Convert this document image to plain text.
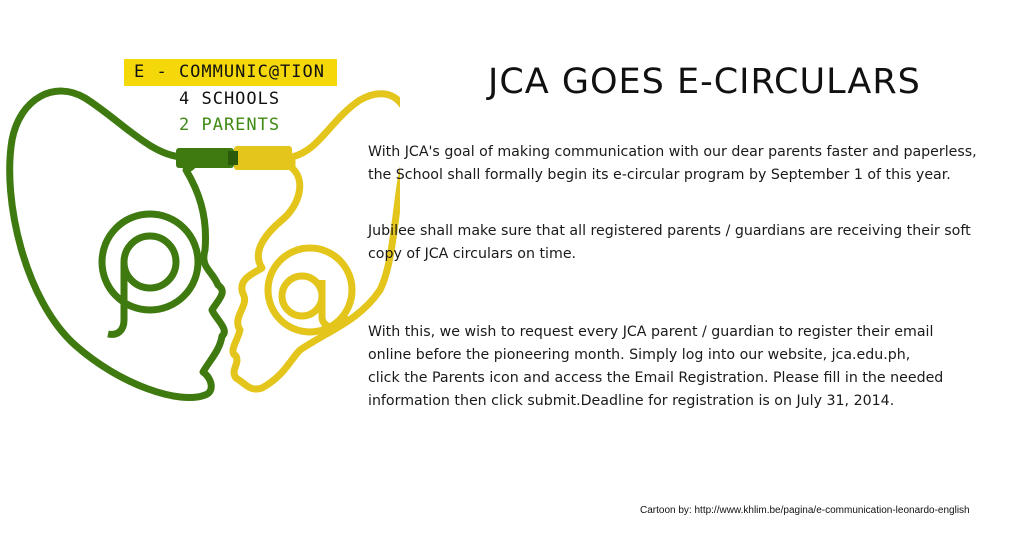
E - COMMUNIC@TION
4 SCHOOLS
2 PARENTS
JCA GOES E-CIRCULARS
With JCA's goal of making communication with our dear parents faster and paperless,
the School shall formally begin its e-circular program by September 1 of this year.
Jubilee shall make sure that all registered parents / guardians are receiving their soft
copy of JCA circulars on time.
With this, we wish to request every JCA parent / guardian to register their email
online before the pioneering month. Simply log into our website, jca.edu.ph,
click the Parents icon and access the Email Registration. Please fill in the needed
information then click submit.Deadline for registration is on July 31, 2014.
Cartoon by: http://www.khlim.be/pagina/e-communication-leonardo-english
